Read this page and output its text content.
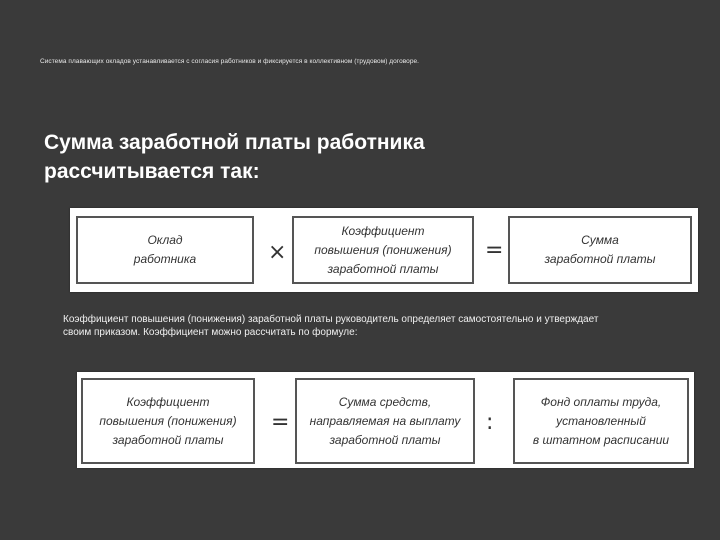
Система плавающих окладов устанавливается с согласия работников и фиксируется в коллективном (трудовом) договоре.
Сумма заработной платы работника
рассчитывается так:
Оклад
работника	×
Коэффициент
повышения (понижения)
заработной платы
=	Сумма
заработной платы

Коэффициент повышения (понижения) заработной платы руководитель определяет самостоятельно и утверждает
своим приказом. Коэффициент можно рассчитать по формуле:

Коэффициент
повышения (понижения)
заработной платы
=
Сумма средств,
направляемая на выплату
заработной платы
:
Фонд оплаты труда,
установленный
в штатном расписании
